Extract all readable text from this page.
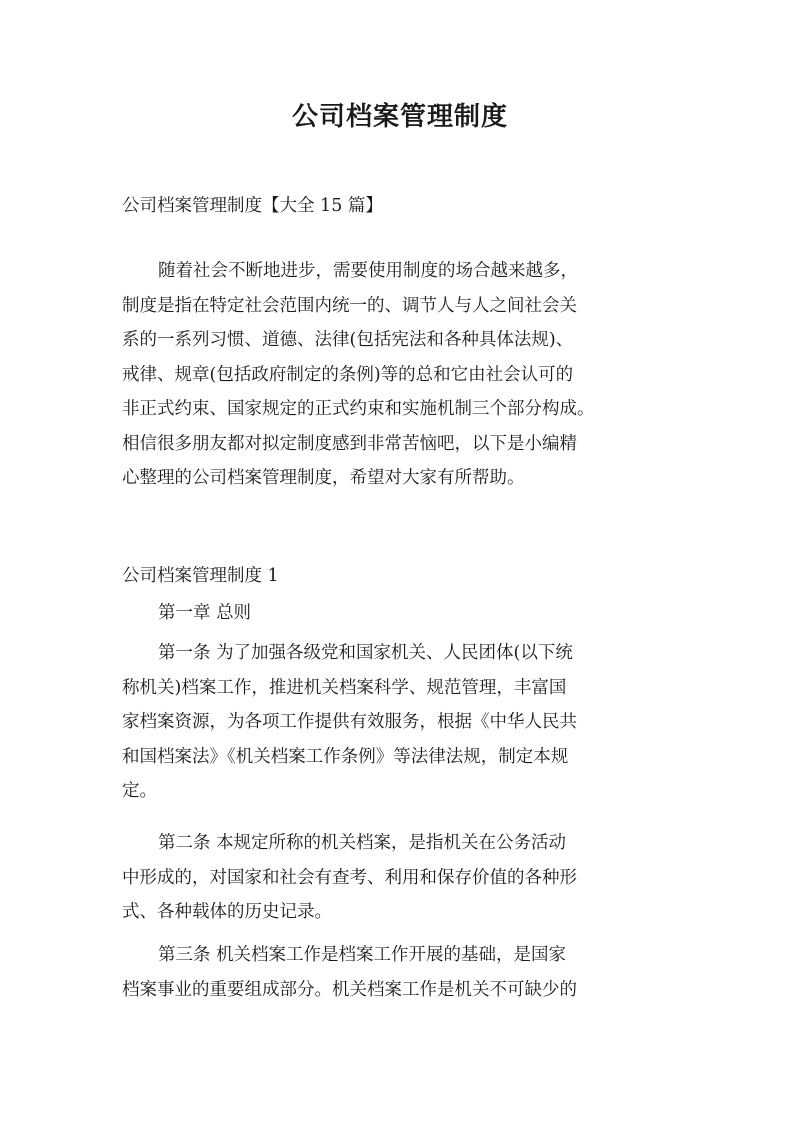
公司档案管理制度

公司档案管理制度【大全 15 篇】

随着社会不断地进步，需要使用制度的场合越来越多，
制度是指在特定社会范围内统一的、调节人与人之间社会关
系的一系列习惯、道德、法律(包括宪法和各种具体法规)、
戒律、规章(包括政府制定的条例)等的总和它由社会认可的
非正式约束、国家规定的正式约束和实施机制三个部分构成。
相信很多朋友都对拟定制度感到非常苦恼吧，以下是小编精
心整理的公司档案管理制度，希望对大家有所帮助。

公司档案管理制度 1

第一章 总则
第一条 为了加强各级党和国家机关、人民团体(以下统
称机关)档案工作，推进机关档案科学、规范管理，丰富国
家档案资源，为各项工作提供有效服务，根据《中华人民共
和国档案法》《机关档案工作条例》等法律法规，制定本规
定。
第二条 本规定所称的机关档案，是指机关在公务活动
中形成的，对国家和社会有查考、利用和保存价值的各种形
式、各种载体的历史记录。
第三条 机关档案工作是档案工作开展的基础，是国家
档案事业的重要组成部分。机关档案工作是机关不可缺少的
